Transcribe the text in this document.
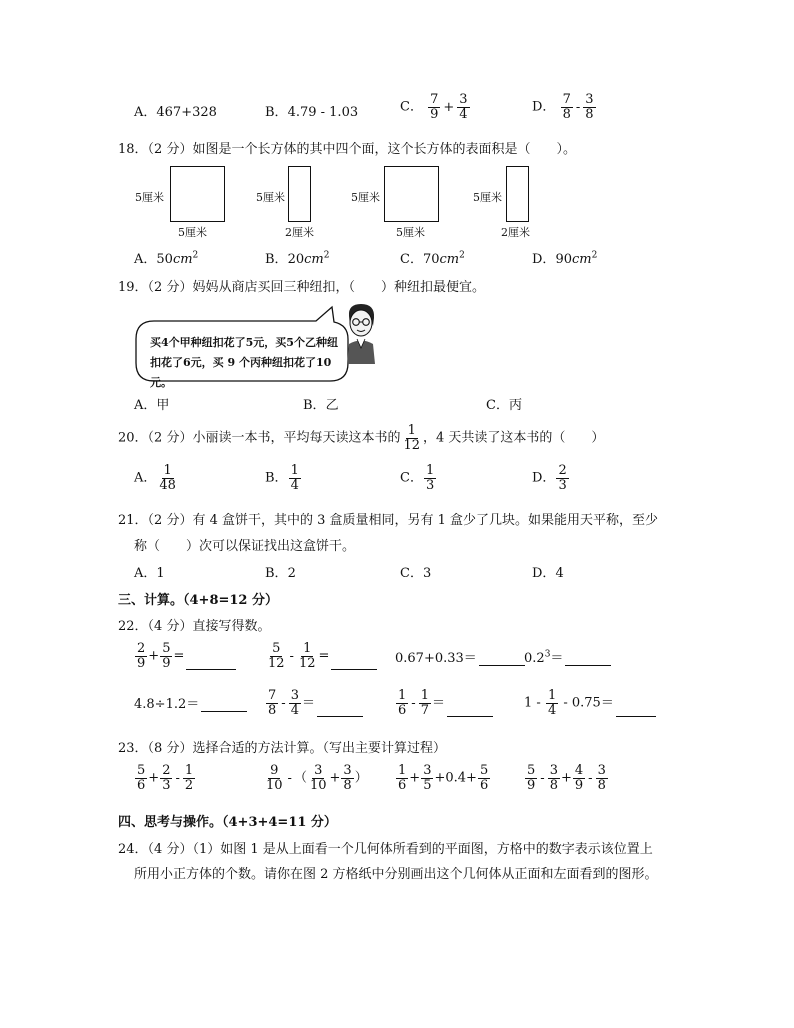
A．467+328	B．4.79 - 1.03	C． $\frac{7}{9} + \frac{3}{4}$	D． $\frac{7}{8} - \frac{3}{8}$
18．（2 分）如图是一个长方体的其中四个面，这个长方体的表面积是（　　）。
5厘米
5厘米
5厘米
2厘米
5厘米
5厘米
5厘米
2厘米
A．$50cm^2$	B．$20cm^2$	C．$70cm^2$	D．$90cm^2$
19．（2 分）妈妈从商店买回三种纽扣，（　　）种纽扣最便宜。
买4个甲种纽扣花了5元，买5个乙种纽
扣花了6元，买 9 个丙种纽扣花了10元。
A．甲	B．乙	C．丙
20．（2 分）小丽读一本书，平均每天读这本书的 $\frac{1}{12}$ ，4 天共读了这本书的（　　）
A． $\frac{1}{48}$	B． $\frac{1}{4}$	C． $\frac{1}{3}$	D． $\frac{2}{3}$
21．（2 分）有 4 盒饼干，其中的 3 盒质量相同，另有 1 盒少了几块。如果能用天平称，至少
称（　　）次可以保证找出这盒饼干。
A．1	B．2	C．3	D．4
三、计算。（4+8=12 分）
22．（4 分）直接写得数。
$\frac{2}{9} + \frac{5}{9}$ =	$\frac{5}{12} - \frac{1}{12}$ =	0.67+0.33＝	$0.2^3=$
4.8÷1.2＝	$\frac{7}{8} - \frac{3}{4}$ ＝	$\frac{1}{6} - \frac{1}{7}$ ＝	$1 - \frac{1}{4} - 0.75=$
23．（8 分）选择合适的方法计算。（写出主要计算过程）
$\frac{5}{6} + \frac{2}{3} - \frac{1}{2}$	$\frac{9}{10}$ - （ $\frac{3}{10} + \frac{3}{8}$ ） $\frac{1}{6} + \frac{3}{5} +0.4+ \frac{5}{6}$	$\frac{5}{9} - \frac{3}{8} + \frac{4}{9} - \frac{3}{8}$
四、思考与操作。（4+3+4=11 分）
24．（4 分）（1）如图 1 是从上面看一个几何体所看到的平面图，方格中的数字表示该位置上
所用小正方体的个数。请你在图 2 方格纸中分别画出这个几何体从正面和左面看到的图形。
